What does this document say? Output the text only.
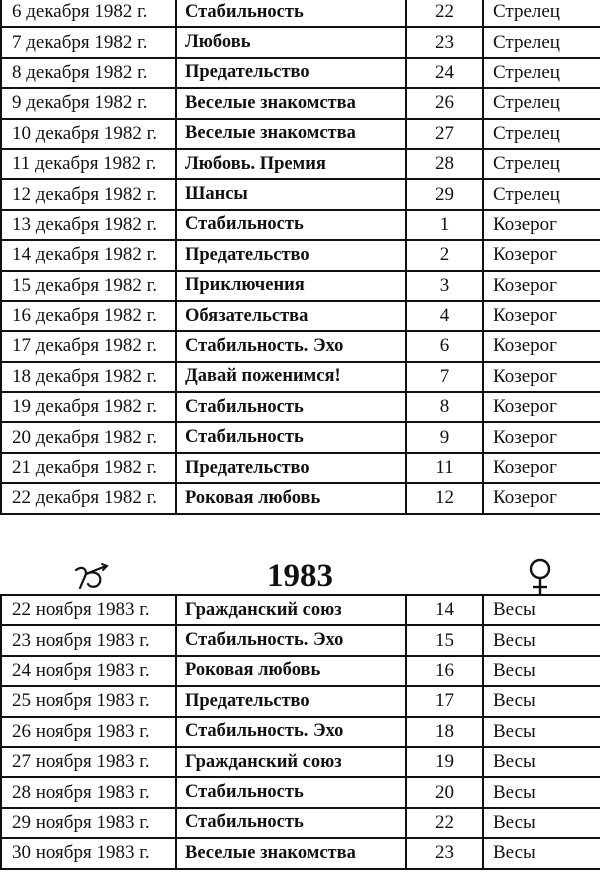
6 декабря 1982 г.	Стабильность	22	Стрелец
7 декабря 1982 г.	Любовь	23	Стрелец
8 декабря 1982 г.	Предательство	24	Стрелец
9 декабря 1982 г.	Веселые знакомства	26	Стрелец
10 декабря 1982 г.	Веселые знакомства	27	Стрелец
11 декабря 1982 г.	Любовь. Премия	28	Стрелец
12 декабря 1982 г.	Шансы	29	Стрелец
13 декабря 1982 г.	Стабильность	1	Козерог
14 декабря 1982 г.	Предательство	2	Козерог
15 декабря 1982 г.	Приключения	3	Козерог
16 декабря 1982 г.	Обязательства	4	Козерог
17 декабря 1982 г.	Стабильность. Эхо	6	Козерог
18 декабря 1982 г.	Давай поженимся!	7	Козерог
19 декабря 1982 г.	Стабильность	8	Козерог
20 декабря 1982 г.	Стабильность	9	Козерог
21 декабря 1982 г.	Предательство	11	Козерог
22 декабря 1982 г.	Роковая любовь	12	Козерог
1983
22 ноября 1983 г.	Гражданский союз	14	Весы
23 ноября 1983 г.	Стабильность. Эхо	15	Весы
24 ноября 1983 г.	Роковая любовь	16	Весы
25 ноября 1983 г.	Предательство	17	Весы
26 ноября 1983 г.	Стабильность. Эхо	18	Весы
27 ноября 1983 г.	Гражданский союз	19	Весы
28 ноября 1983 г.	Стабильность	20	Весы
29 ноября 1983 г.	Стабильность	22	Весы
30 ноября 1983 г.	Веселые знакомства	23	Весы
